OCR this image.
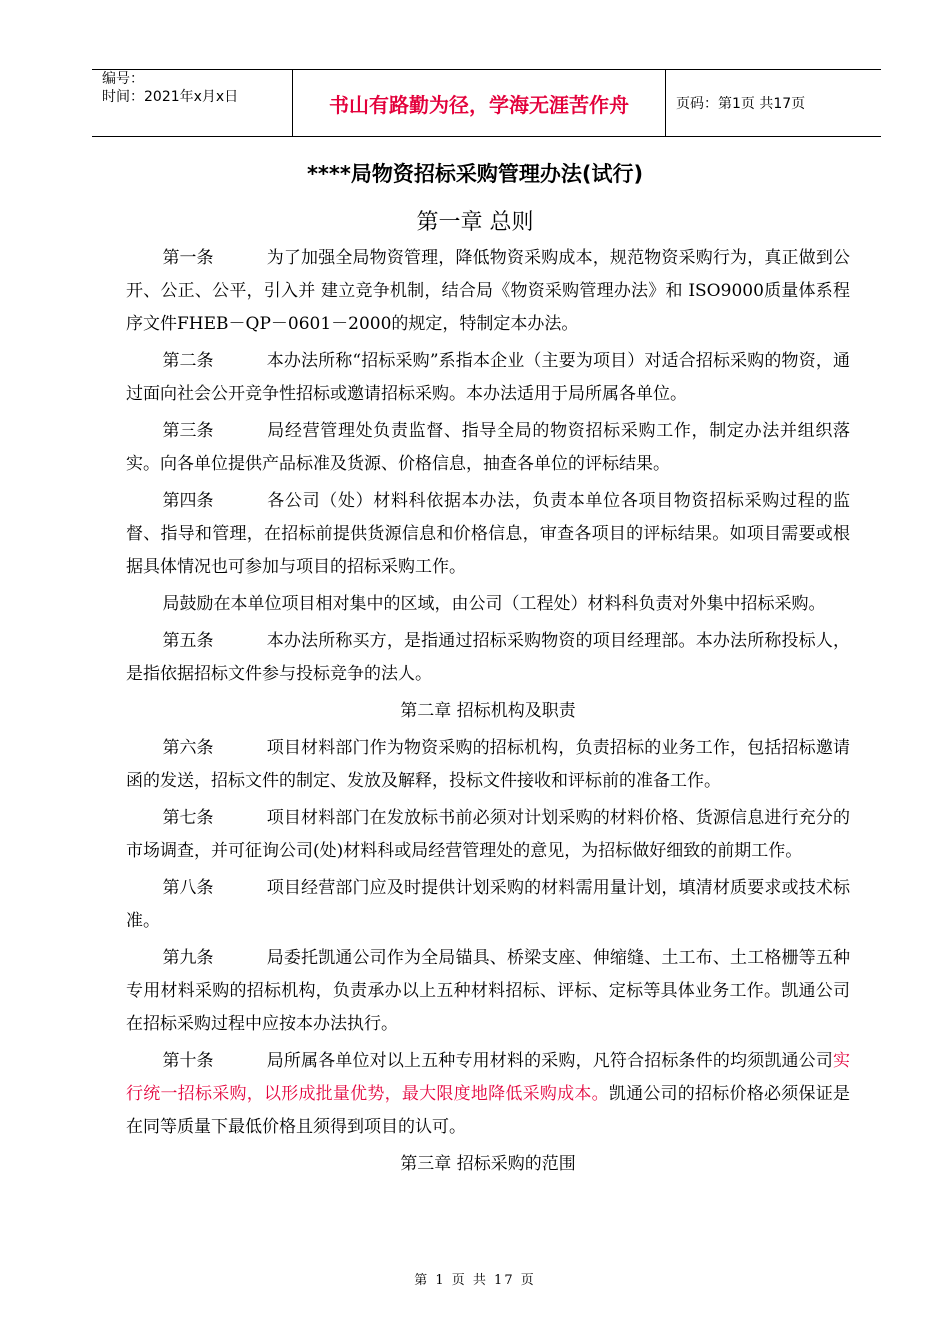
编号：
时间：2021年x月x日	书山有路勤为径，学海无涯苦作舟	页码：第1页 共17页
****局物资招标采购管理办法(试行)
第一章 总则

第一条	为了加强全局物资管理，降低物资采购成本，规范物资采购行为，真正做到公开、公正、公平，引入并 建立竞争机制，结合局《物资采购管理办法》和 ISO9000质量体系程序文件FHEB－QP－0601－2000的规定，特制定本办法。

第二条	本办法所称“招标采购”系指本企业（主要为项目）对适合招标采购的物资，通过面向社会公开竞争性招标或邀请招标采购。本办法适用于局所属各单位。

第三条	局经营管理处负责监督、指导全局的物资招标采购工作，制定办法并组织落实。向各单位提供产品标准及货源、价格信息，抽查各单位的评标结果。

第四条	各公司（处）材料科依据本办法，负责本单位各项目物资招标采购过程的监督、指导和管理，在招标前提供货源信息和价格信息，审查各项目的评标结果。如项目需要或根据具体情况也可参加与项目的招标采购工作。

局鼓励在本单位项目相对集中的区域，由公司（工程处）材料科负责对外集中招标采购。

第五条	本办法所称买方，是指通过招标采购物资的项目经理部。本办法所称投标人，是指依据招标文件参与投标竞争的法人。

第二章 招标机构及职责

第六条	项目材料部门作为物资采购的招标机构，负责招标的业务工作，包括招标邀请函的发送，招标文件的制定、发放及解释，投标文件接收和评标前的准备工作。

第七条	项目材料部门在发放标书前必须对计划采购的材料价格、货源信息进行充分的市场调查，并可征询公司(处)材料科或局经营管理处的意见，为招标做好细致的前期工作。

第八条	项目经营部门应及时提供计划采购的材料需用量计划，填清材质要求或技术标准。

第九条	局委托凯通公司作为全局锚具、桥梁支座、伸缩缝、土工布、土工格栅等五种专用材料采购的招标机构，负责承办以上五种材料招标、评标、定标等具体业务工作。凯通公司在招标采购过程中应按本办法执行。

第十条	局所属各单位对以上五种专用材料的采购，凡符合招标条件的均须凯通公司实行统一招标采购，以形成批量优势，最大限度地降低采购成本。凯通公司的招标价格必须保证是在同等质量下最低价格且须得到项目的认可。

第三章 招标采购的范围
第 1 页 共 17 页
